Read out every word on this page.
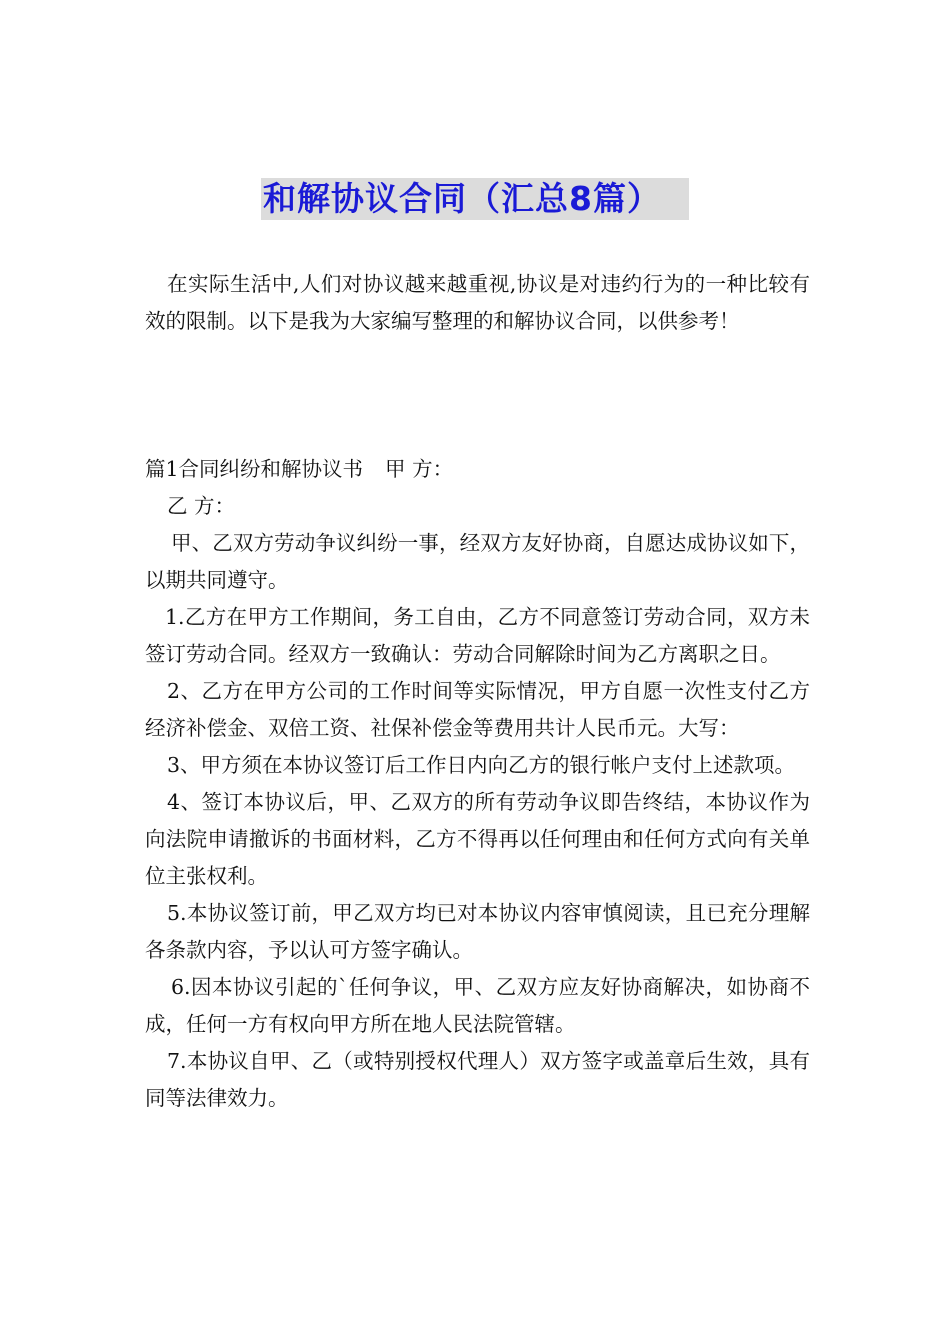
和解协议合同（汇总8篇）

在实际生活中,人们对协议越来越重视,协议是对违约行为的一种比较有效的限制。以下是我为大家编写整理的和解协议合同，以供参考！

篇1合同纠纷和解协议书 甲 方：

乙 方：

甲、乙双方劳动争议纠纷一事，经双方友好协商，自愿达成协议如下，以期共同遵守。

1.乙方在甲方工作期间，务工自由，乙方不同意签订劳动合同，双方未签订劳动合同。经双方一致确认：劳动合同解除时间为乙方离职之日。

2、乙方在甲方公司的工作时间等实际情况，甲方自愿一次性支付乙方经济补偿金、双倍工资、社保补偿金等费用共计人民币元。大写：

3、甲方须在本协议签订后工作日内向乙方的银行帐户支付上述款项。

4、签订本协议后，甲、乙双方的所有劳动争议即告终结，本协议作为向法院申请撤诉的书面材料，乙方不得再以任何理由和任何方式向有关单位主张权利。

5.本协议签订前，甲乙双方均已对本协议内容审慎阅读，且已充分理解各条款内容，予以认可方签字确认。

6.因本协议引起的`任何争议，甲、乙双方应友好协商解决，如协商不成，任何一方有权向甲方所在地人民法院管辖。

7.本协议自甲、乙（或特别授权代理人）双方签字或盖章后生效，具有同等法律效力。
